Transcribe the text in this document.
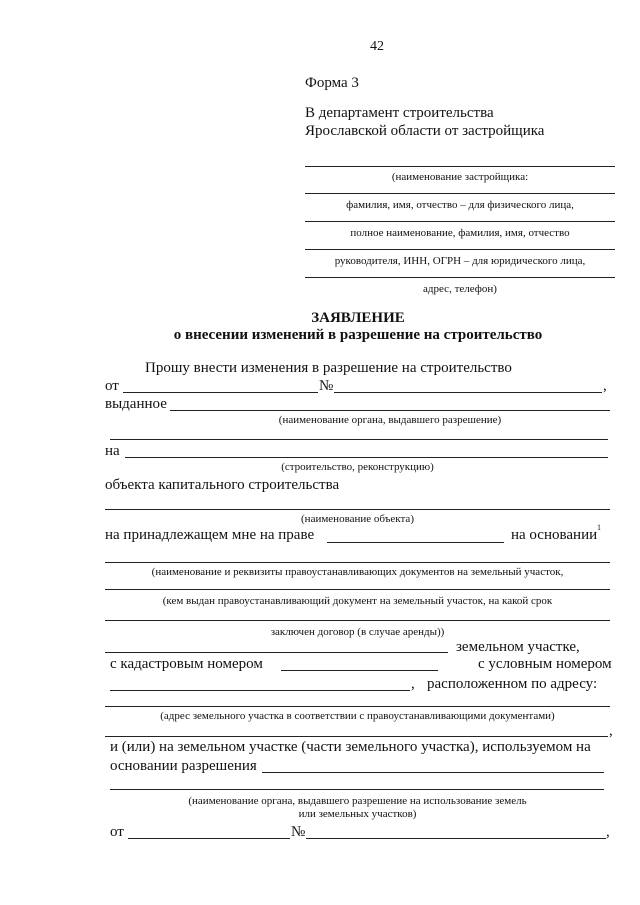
42
Форма 3
В департамент строительства
Ярославской области от застройщика
(наименование застройщика:
фамилия, имя, отчество – для физического лица,
полное наименование, фамилия, имя, отчество
руководителя, ИНН, ОГРН – для юридического лица,
адрес, телефон)
ЗАЯВЛЕНИЕ
о внесении изменений в разрешение на строительство
Прошу внести изменения в разрешение на строительство
от	№	,
выданное
(наименование органа, выдавшего разрешение)
на
(строительство, реконструкцию)
объекта капитального строительства
(наименование объекта)
на принадлежащем мне на праве	на основании 1
(наименование и реквизиты правоустанавливающих документов на земельный участок,
(кем выдан правоустанавливающий документ на земельный участок, на какой срок
заключен договор (в случае аренды))
земельном участке,
с кадастровым номером	с условным номером
, расположенном по адресу:
(адрес земельного участка в соответствии с правоустанавливающими документами)
,
и (или) на земельном участке (части земельного участка), используемом на
основании разрешения
(наименование органа, выдавшего разрешение на использование земель
или земельных участков)
от	№	,
